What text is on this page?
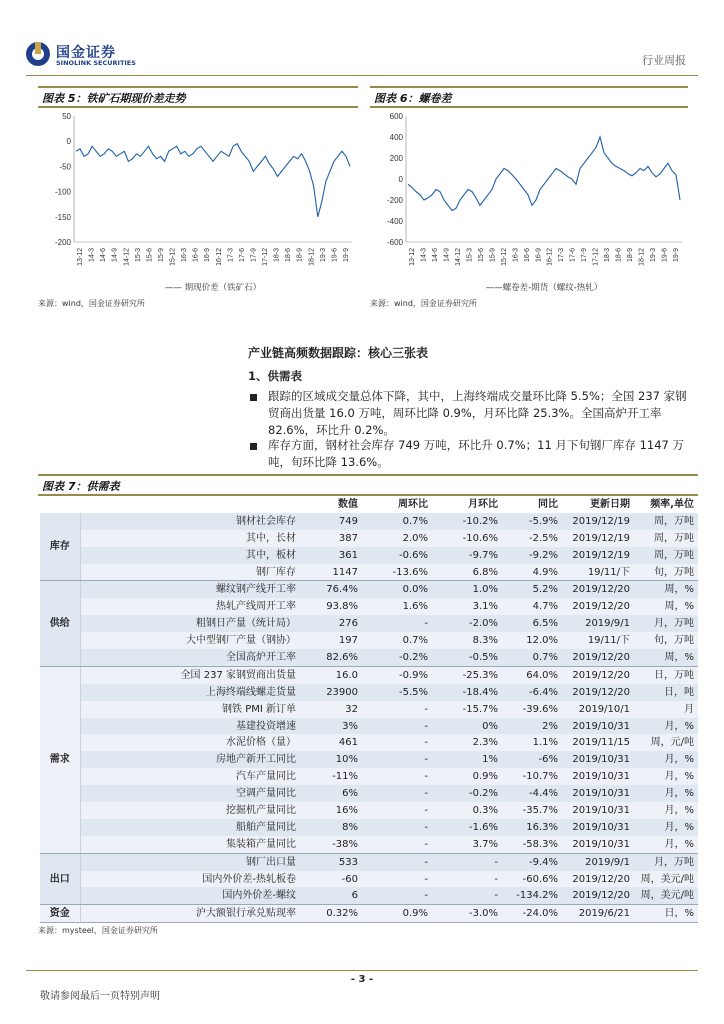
国金证券
SINOLINK SECURITIES	行业周报
图表 5：铁矿石期现价差走势
50
0
-50
-100
-150
-200
13-12 14-3 14-6 14-9 14-12 15-3 15-6 15-9 15-12 16-3 16-6 16-9 16-12 17-3 17-6 17-9 17-12 18-3 18-6 18-9 18-12 19-3 19-6 19-9
—— 期现价差（铁矿石）
来源：wind，国金证券研究所
图表 6：螺卷差
600
400
200
0
-200
-400
-600
13-12 14-3 14-6 14-9 14-12 15-3 15-6 15-9 15-12 16-3 16-6 16-9 16-12 17-3 17-6 17-9 17-12 18-3 18-6 18-9 18-12 19-3 19-6 19-9
——螺卷差-期货（螺纹-热轧）
来源：wind，国金证券研究所
产业链高频数据跟踪：核心三张表
1、供需表
跟踪的区域成交量总体下降，其中，上海终端成交量环比降 5.5%；全国 237 家钢贸商出货量 16.0 万吨，周环比降 0.9%，月环比降 25.3%。全国高炉开工率 82.6%，环比升 0.2%。
库存方面，钢材社会库存 749 万吨，环比升 0.7%；11 月下旬钢厂库存 1147 万吨，旬环比降 13.6%。
图表 7：供需表
		数值	周环比	月环比	同比	更新日期	频率,单位
库存	钢材社会库存	749	0.7%	-10.2%	-5.9%	2019/12/19	周，万吨
	其中，长材	387	2.0%	-10.6%	-2.5%	2019/12/19	周，万吨
	其中，板材	361	-0.6%	-9.7%	-9.2%	2019/12/19	周，万吨
	钢厂库存	1147	-13.6%	6.8%	4.9%	19/11/下	旬，万吨
供给	螺纹钢产线开工率	76.4%	0.0%	1.0%	5.2%	2019/12/20	周，%
	热轧产线周开工率	93.8%	1.6%	3.1%	4.7%	2019/12/20	周，%
	粗钢日产量（统计局）	276	-	-2.0%	6.5%	2019/9/1	月，万吨
	大中型钢厂产量（钢协）	197	0.7%	8.3%	12.0%	19/11/下	旬，万吨
	全国高炉开工率	82.6%	-0.2%	-0.5%	0.7%	2019/12/20	周，%
需求	全国 237 家钢贸商出货量	16.0	-0.9%	-25.3%	64.0%	2019/12/20	日，万吨
	上海终端线螺走货量	23900	-5.5%	-18.4%	-6.4%	2019/12/20	日，吨
	钢铁 PMI 新订单	32	-	-15.7%	-39.6%	2019/10/1	月
	基建投资增速	3%	-	0%	2%	2019/10/31	月，%
	水泥价格（量）	461	-	2.3%	1.1%	2019/11/15	周，元/吨
	房地产新开工同比	10%	-	1%	-6%	2019/10/31	月，%
	汽车产量同比	-11%	-	0.9%	-10.7%	2019/10/31	月，%
	空调产量同比	6%	-	-0.2%	-4.4%	2019/10/31	月，%
	挖掘机产量同比	16%	-	0.3%	-35.7%	2019/10/31	月，%
	船舶产量同比	8%	-	-1.6%	16.3%	2019/10/31	月，%
	集装箱产量同比	-38%	-	3.7%	-58.3%	2019/10/31	月，%
出口	钢厂出口量	533	-	-	-9.4%	2019/9/1	月，万吨
	国内外价差-热轧板卷	-60	-	-	-60.6%	2019/12/20	周，美元/吨
	国内外价差-螺纹	6	-	-	-134.2%	2019/12/20	周，美元/吨
资金	沪大额银行承兑贴现率	0.32%	0.9%	-3.0%	-24.0%	2019/6/21	日，%
来源：mysteel，国金证券研究所
- 3 -
敬请参阅最后一页特别声明
